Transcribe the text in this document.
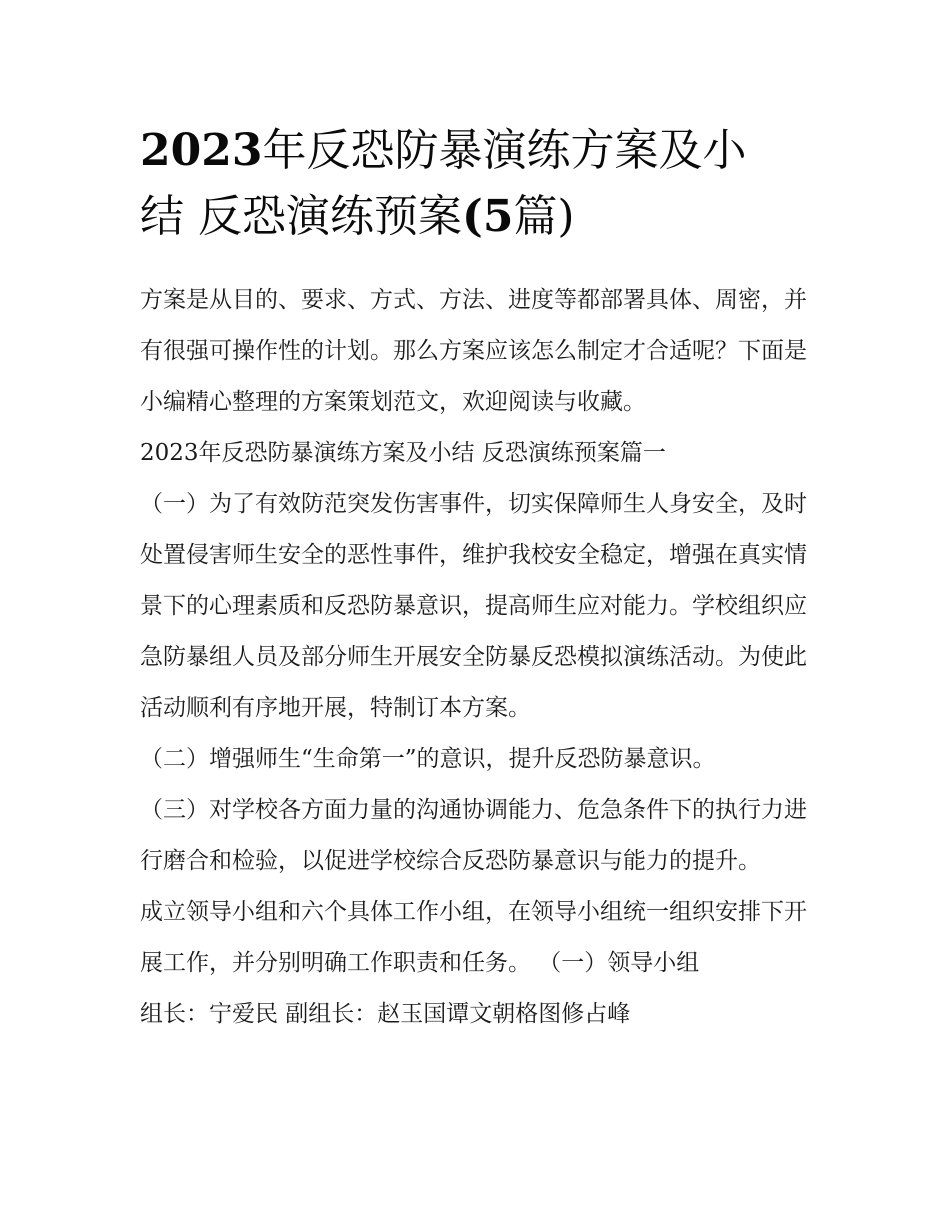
2023年反恐防暴演练方案及小
结 反恐演练预案(5篇)

方案是从目的、要求、方式、方法、进度等都部署具体、周密，并有很强可操作性的计划。那么方案应该怎么制定才合适呢？下面是小编精心整理的方案策划范文，欢迎阅读与收藏。

2023年反恐防暴演练方案及小结 反恐演练预案篇一

（一）为了有效防范突发伤害事件，切实保障师生人身安全，及时处置侵害师生安全的恶性事件，维护我校安全稳定，增强在真实情景下的心理素质和反恐防暴意识，提高师生应对能力。学校组织应急防暴组人员及部分师生开展安全防暴反恐模拟演练活动。为使此活动顺利有序地开展，特制订本方案。

（二）增强师生“生命第一”的意识，提升反恐防暴意识。

（三）对学校各方面力量的沟通协调能力、危急条件下的执行力进行磨合和检验，以促进学校综合反恐防暴意识与能力的提升。

成立领导小组和六个具体工作小组，在领导小组统一组织安排下开展工作，并分别明确工作职责和任务。 （一）领导小组

组长：宁爱民 副组长：赵玉国谭文朝格图修占峰
